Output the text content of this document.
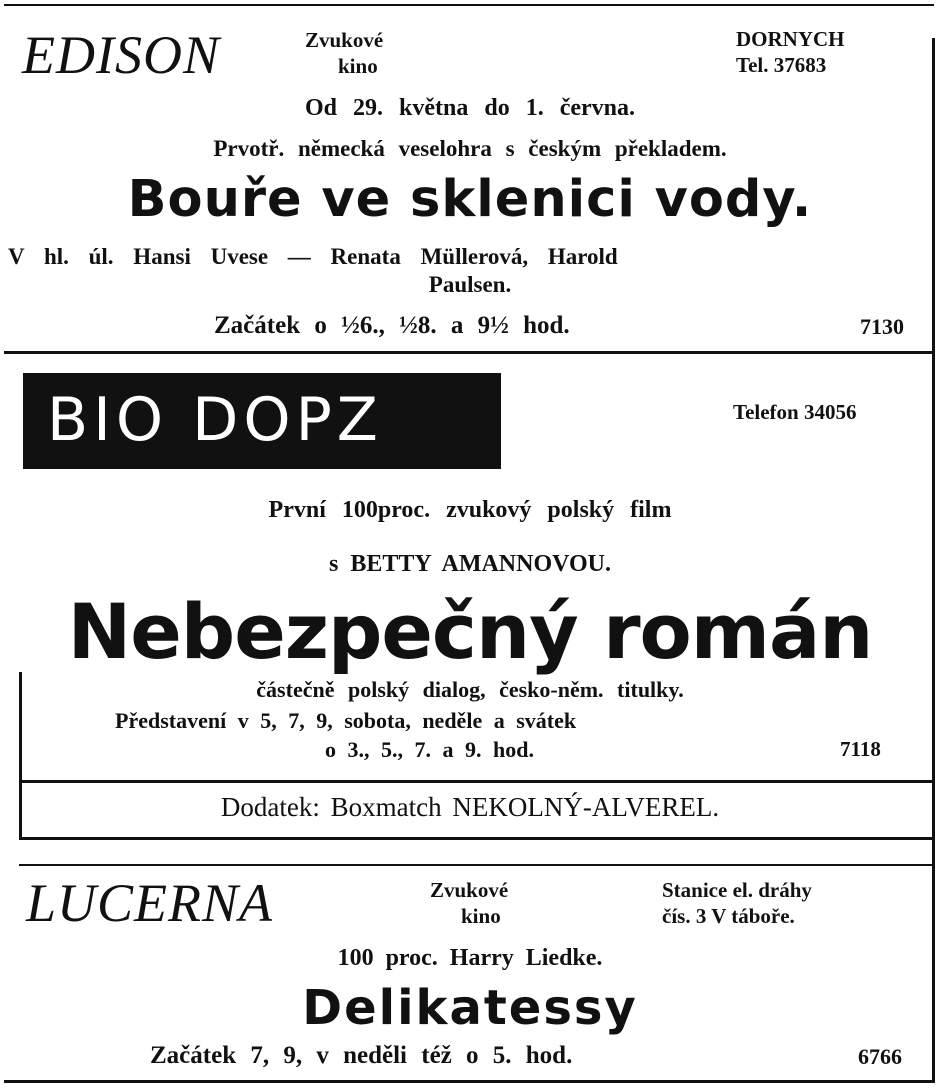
EDISON	Zvukové
kino
DORNYCH
Tel. 37683
Od 29. května do 1. června.
Prvotř. německá veselohra s českým překladem.
Bouře ve sklenici vody.
V hl. úl. Hansi Uvese — Renata Müllerová, Harold
Paulsen.
Začátek o ½6., ½8. a 9½ hod.	7130
BIO DOPZ	Telefon 34056
První 100proc. zvukový polský film
s BETTY AMANNOVOU.
Nebezpečný román
částečně polský dialog, česko-něm. titulky.
Představení v 5, 7, 9, sobota, neděle a svátek
o 3., 5., 7. a 9. hod.	7118
Dodatek: Boxmatch NEKOLNÝ-ALVEREL.
LUCERNA	Zvukové
kino
Stanice el. dráhy
čís. 3 V táboře.
100 proc. Harry Liedke.
Delikatessy
Začátek 7, 9, v neděli též o 5. hod.	6766
